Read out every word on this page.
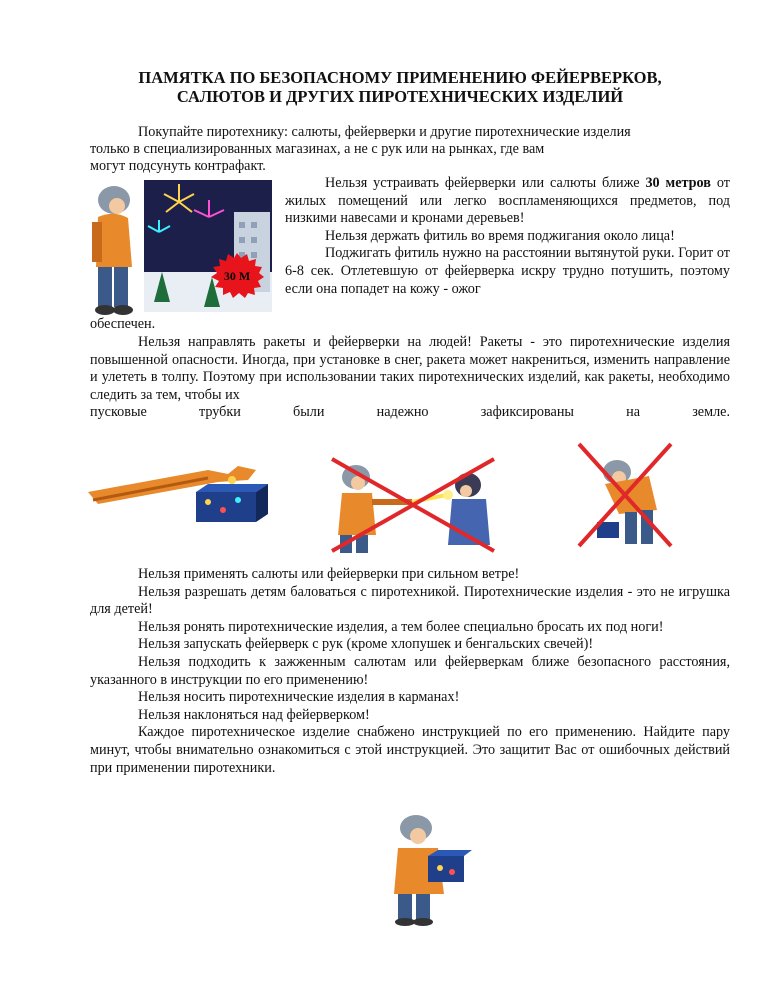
ПАМЯТКА ПО БЕЗОПАСНОМУ ПРИМЕНЕНИЮ ФЕЙЕРВЕРКОВ,
САЛЮТОВ И ДРУГИХ ПИРОТЕХНИЧЕСКИХ ИЗДЕЛИЙ
Покупайте пиротехнику: салюты, фейерверки и другие пиротехнические изделия
только в специализированных магазинах, а не с рук или на рынках, где вам
могут подсунуть контрафакт.
30 М

Нельзя устраивать фейерверки или салюты ближе 30 метров от жилых помещений или легко воспламеняющихся предметов, под низкими навесами и кронами деревьев!

Нельзя держать фитиль во время поджигания около лица!

Поджигать фитиль нужно на расстоянии вытянутой руки. Горит от 6-8 сек. Отлетевшую от фейерверка искру трудно потушить, поэтому если она попадет на кожу - ожог

обеспечен.

Нельзя направлять ракеты и фейерверки на людей! Ракеты - это пиротехнические изделия повышенной опасности. Иногда, при установке в снег, ракета может накрениться, изменить направление и улететь в толпу. Поэтому при использовании таких пиротехнических изделий, как ракеты, необходимо следить за тем, чтобы их

пусковые	трубки	были	надежно	зафиксированы	на	земле.

Нельзя применять салюты или фейерверки при сильном ветре!

Нельзя разрешать детям баловаться с пиротехникой. Пиротехнические изделия - это не игрушка для детей!

Нельзя ронять пиротехнические изделия, а тем более специально бросать их под ноги!

Нельзя запускать фейерверк с рук (кроме хлопушек и бенгальских свечей)!

Нельзя подходить к зажженным салютам или фейерверкам ближе безопасного расстояния, указанного в инструкции по его применению!

Нельзя носить пиротехнические изделия в карманах!

Нельзя наклоняться над фейерверком!

Каждое пиротехническое изделие снабжено инструкцией по его применению. Найдите пару минут, чтобы внимательно ознакомиться с этой инструкцией. Это защитит Вас от ошибочных действий при применении пиротехники.
